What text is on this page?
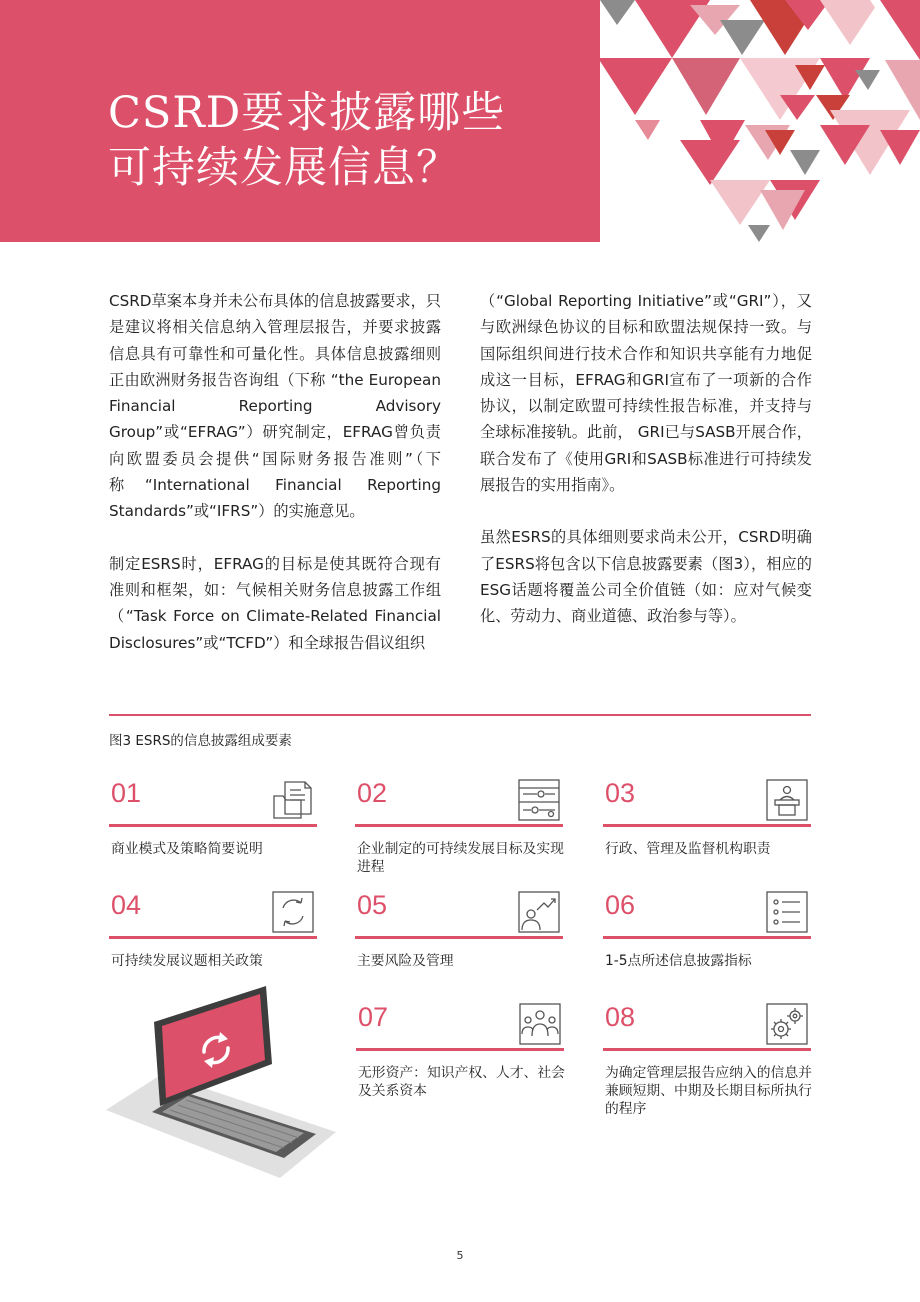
CSRD要求披露哪些
可持续发展信息？

CSRD草案本身并未公布具体的信息披露要求，只是建议将相关信息纳入管理层报告，并要求披露信息具有可靠性和可量化性。具体信息披露细则正由欧洲财务报告咨询组（下称 “the European Financial Reporting Advisory Group”或“EFRAG”）研究制定，EFRAG曾负责向欧盟委员会提供“国际财务报告准则”（下称“International Financial Reporting Standards”或“IFRS”）的实施意见。

制定ESRS时，EFRAG的目标是使其既符合现有准则和框架，如：气候相关财务信息披露工作组（“Task Force on Climate-Related Financial Disclosures”或“TCFD”）和全球报告倡议组织

（“Global Reporting Initiative”或“GRI”），又与欧洲绿色协议的目标和欧盟法规保持一致。与国际组织间进行技术合作和知识共享能有力地促成这一目标，EFRAG和GRI宣布了一项新的合作协议，以制定欧盟可持续性报告标准，并支持与全球标准接轨。此前， GRI已与SASB开展合作，联合发布了《使用GRI和SASB标准进行可持续发展报告的实用指南》。

虽然ESRS的具体细则要求尚未公开，CSRD明确了ESRS将包含以下信息披露要素（图3），相应的ESG话题将覆盖公司全价值链（如：应对气候变化、劳动力、商业道德、政治参与等）。

图3 ESRS的信息披露组成要素
01
商业模式及策略简要说明
02
企业制定的可持续发展目标及实现进程
03
行政、管理及监督机构职责
04
可持续发展议题相关政策
05
主要风险及管理
06
1-5点所述信息披露指标
07
无形资产：知识产权、人才、社会及关系资本
08
为确定管理层报告应纳入的信息并兼顾短期、中期及长期目标所执行的程序
5
